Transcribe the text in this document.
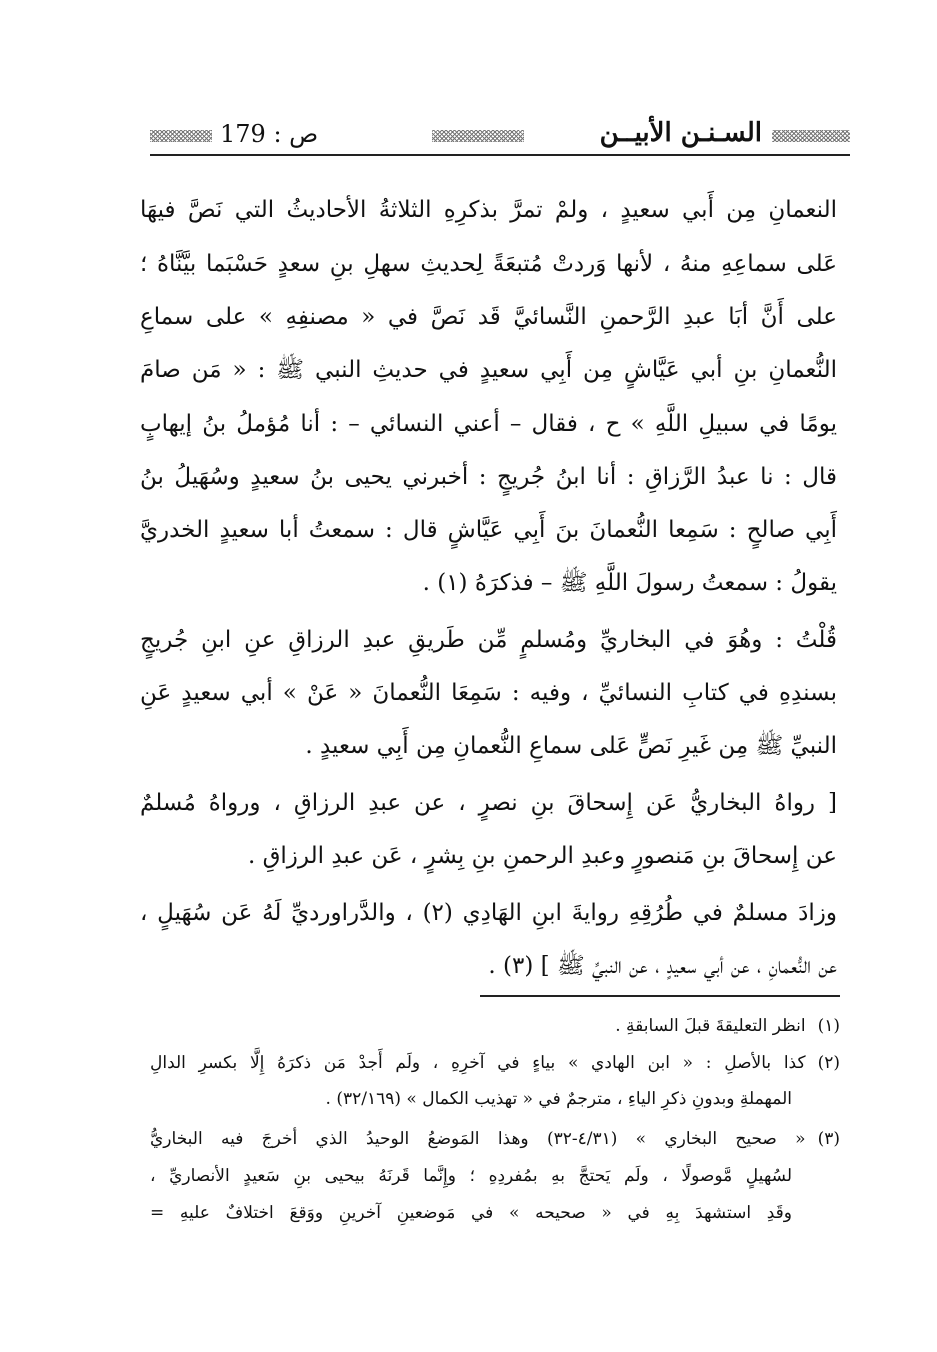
السـنـن الأبيــن
ص : 179
النعمانِ مِن أَبي سعيدٍ ، ولمْ تمرَّ بذكرِهِ الثلاثةُ الأحاديثُ التي نَصَّ فيهَا
عَلى سماعِهِ منهُ ، لأنها وَردتْ مُتبعَةً لِحديثِ سهلِ بنِ سعدٍ حَسْبَما بيَّنَّاهُ ؛
على أَنَّ أبَا عبدِ الرَّحمنِ النَّسائيَّ قَد نَصَّ في « مصنفِهِ » على سماعِ
النُّعمانِ بنِ أبي عَيَّاشٍ مِن أَبِي سعيدٍ في حديثِ النبي ﷺ : « مَن صامَ
يومًا في سبيلِ اللَّهِ » ح ، فقال – أعني النسائي – : أنا مُؤملُ بنُ إيهابٍ
قال : نا عبدُ الرَّزاقِ : أنا ابنُ جُريجٍ : أخبرني يحيى بنُ سعيدٍ وسُهَيلُ بنُ
أَبِي صالحٍ : سَمِعا النُّعمانَ بنَ أَبِي عَيَّاشٍ قال : سمعتُ أبا سعيدٍ الخدريَّ
يقولُ : سمعتُ رسولَ اللَّهِ ﷺ – فذكرَهُ (١) .
قُلْتُ : وهُوَ في البخاريِّ ومُسلمٍ مِّن طَريقِ عبدِ الرزاقِ عنِ ابنِ جُريجٍ
بسندِهِ في كتابِ النسائيِّ ، وفيه : سَمِعَا النُّعمانَ « عَنْ » أبي سعيدٍ عَنِ
النبيِّ ﷺ مِن غَيرِ نَصٍّ عَلى سماعِ النُّعمانِ مِن أَبِي سعيدٍ .
[ رواهُ البخاريُّ عَن إِسحاقَ بنِ نصرٍ ، عن عبدِ الرزاقِ ، ورواهُ مُسلمٌ
عن إِسحاقَ بنِ مَنصورٍ وعبدِ الرحمنِ بنِ بِشرٍ ، عَن عبدِ الرزاقِ .
وزادَ مسلمٌ في طُرُقِهِ روايةَ ابنِ الهَادِي (٢) ، والدَّراورديِّ لَهُ عَن سُهَيلٍ ،
عن النُّعمانِ ، عن أبي سعيدٍ ، عن النبيِّ ﷺ ] (٣) .
(١)انظر التعليقةَ قبلَ السابقةِ .
(٢)كذا بالأصلِ : « ابن الهادي » بياءٍ في آخرِهِ ، ولَم أَجدْ مَن ذكرَهُ إِلَّا بكسرِ الدالِ
المهملةِ وبدونِ ذكرِ الياءِ ، مترجمٌ في « تهذيب الكمال » (٣٢/١٦٩) .
(٣)« صحيح البخاري » (٤/٣١-٣٢) وهذا المَوضعُ الوحيدُ الذي أخرجَ فيه البخاريُّ
لسُهيلٍ مَّوصولًا ، ولَم يَحتجَّ بهِ بمُفردِهِ ؛ وإِنَّما قَرنَهُ بيحيى بنِ سَعيدٍ الأنصاريِّ ،
وقَدِ استشهدَ بِهِ في « صحيحه » في مَوضعينِ آخرينِ ووَقعَ اختلافٌ عليهِ =
